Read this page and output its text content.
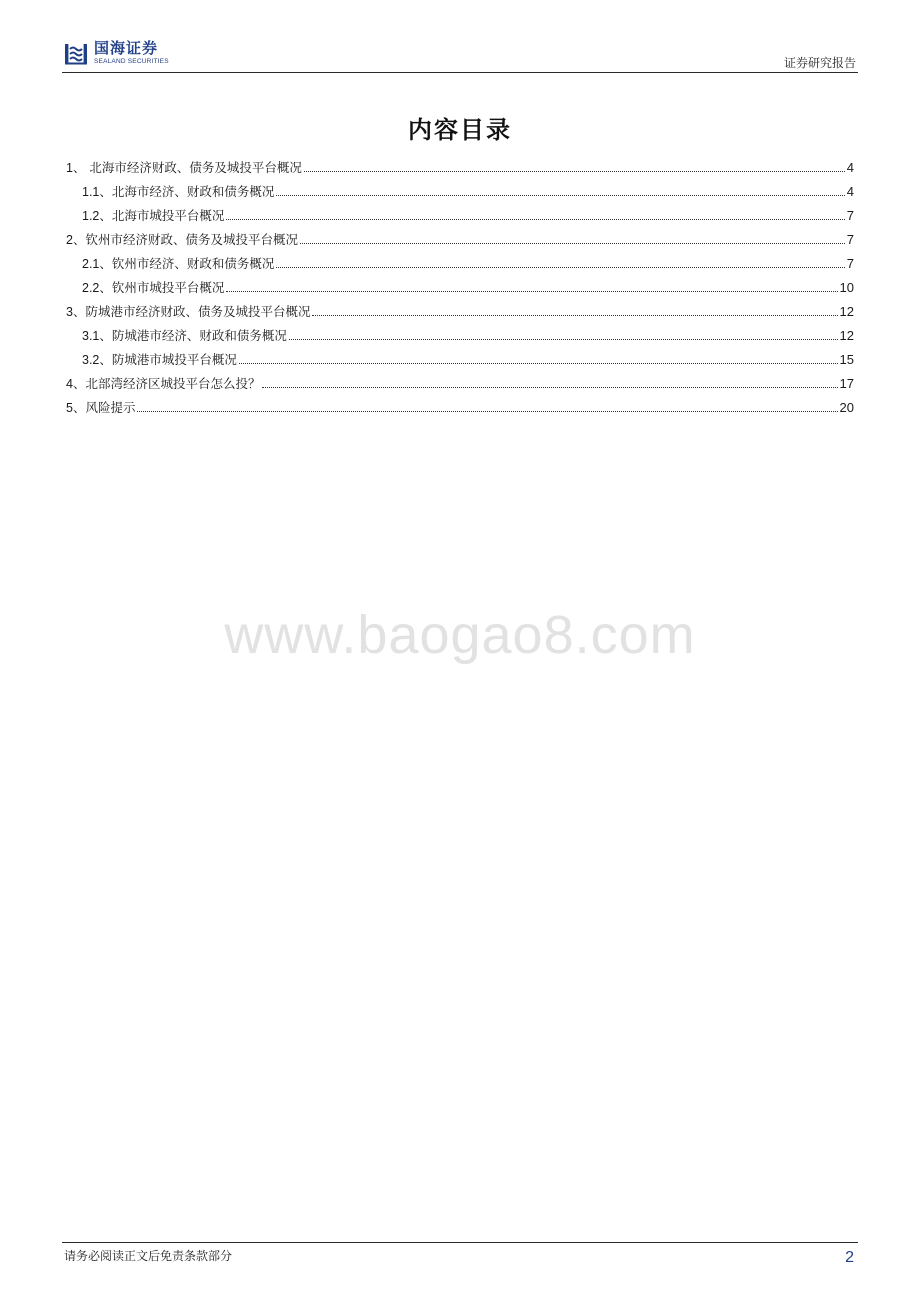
国海证券
SEALAND SECURITIES	证券研究报告
内容目录
1、 北海市经济财政、债务及城投平台概况	4
1.1、北海市经济、财政和债务概况	4
1.2、北海市城投平台概况	7
2、钦州市经济财政、债务及城投平台概况	7
2.1、钦州市经济、财政和债务概况	7
2.2、钦州市城投平台概况	10
3、防城港市经济财政、债务及城投平台概况	12
3.1、防城港市经济、财政和债务概况	12
3.2、防城港市城投平台概况	15
4、北部湾经济区城投平台怎么投？	17
5、风险提示	20
www.baogao8.com
请务必阅读正文后免责条款部分	2
